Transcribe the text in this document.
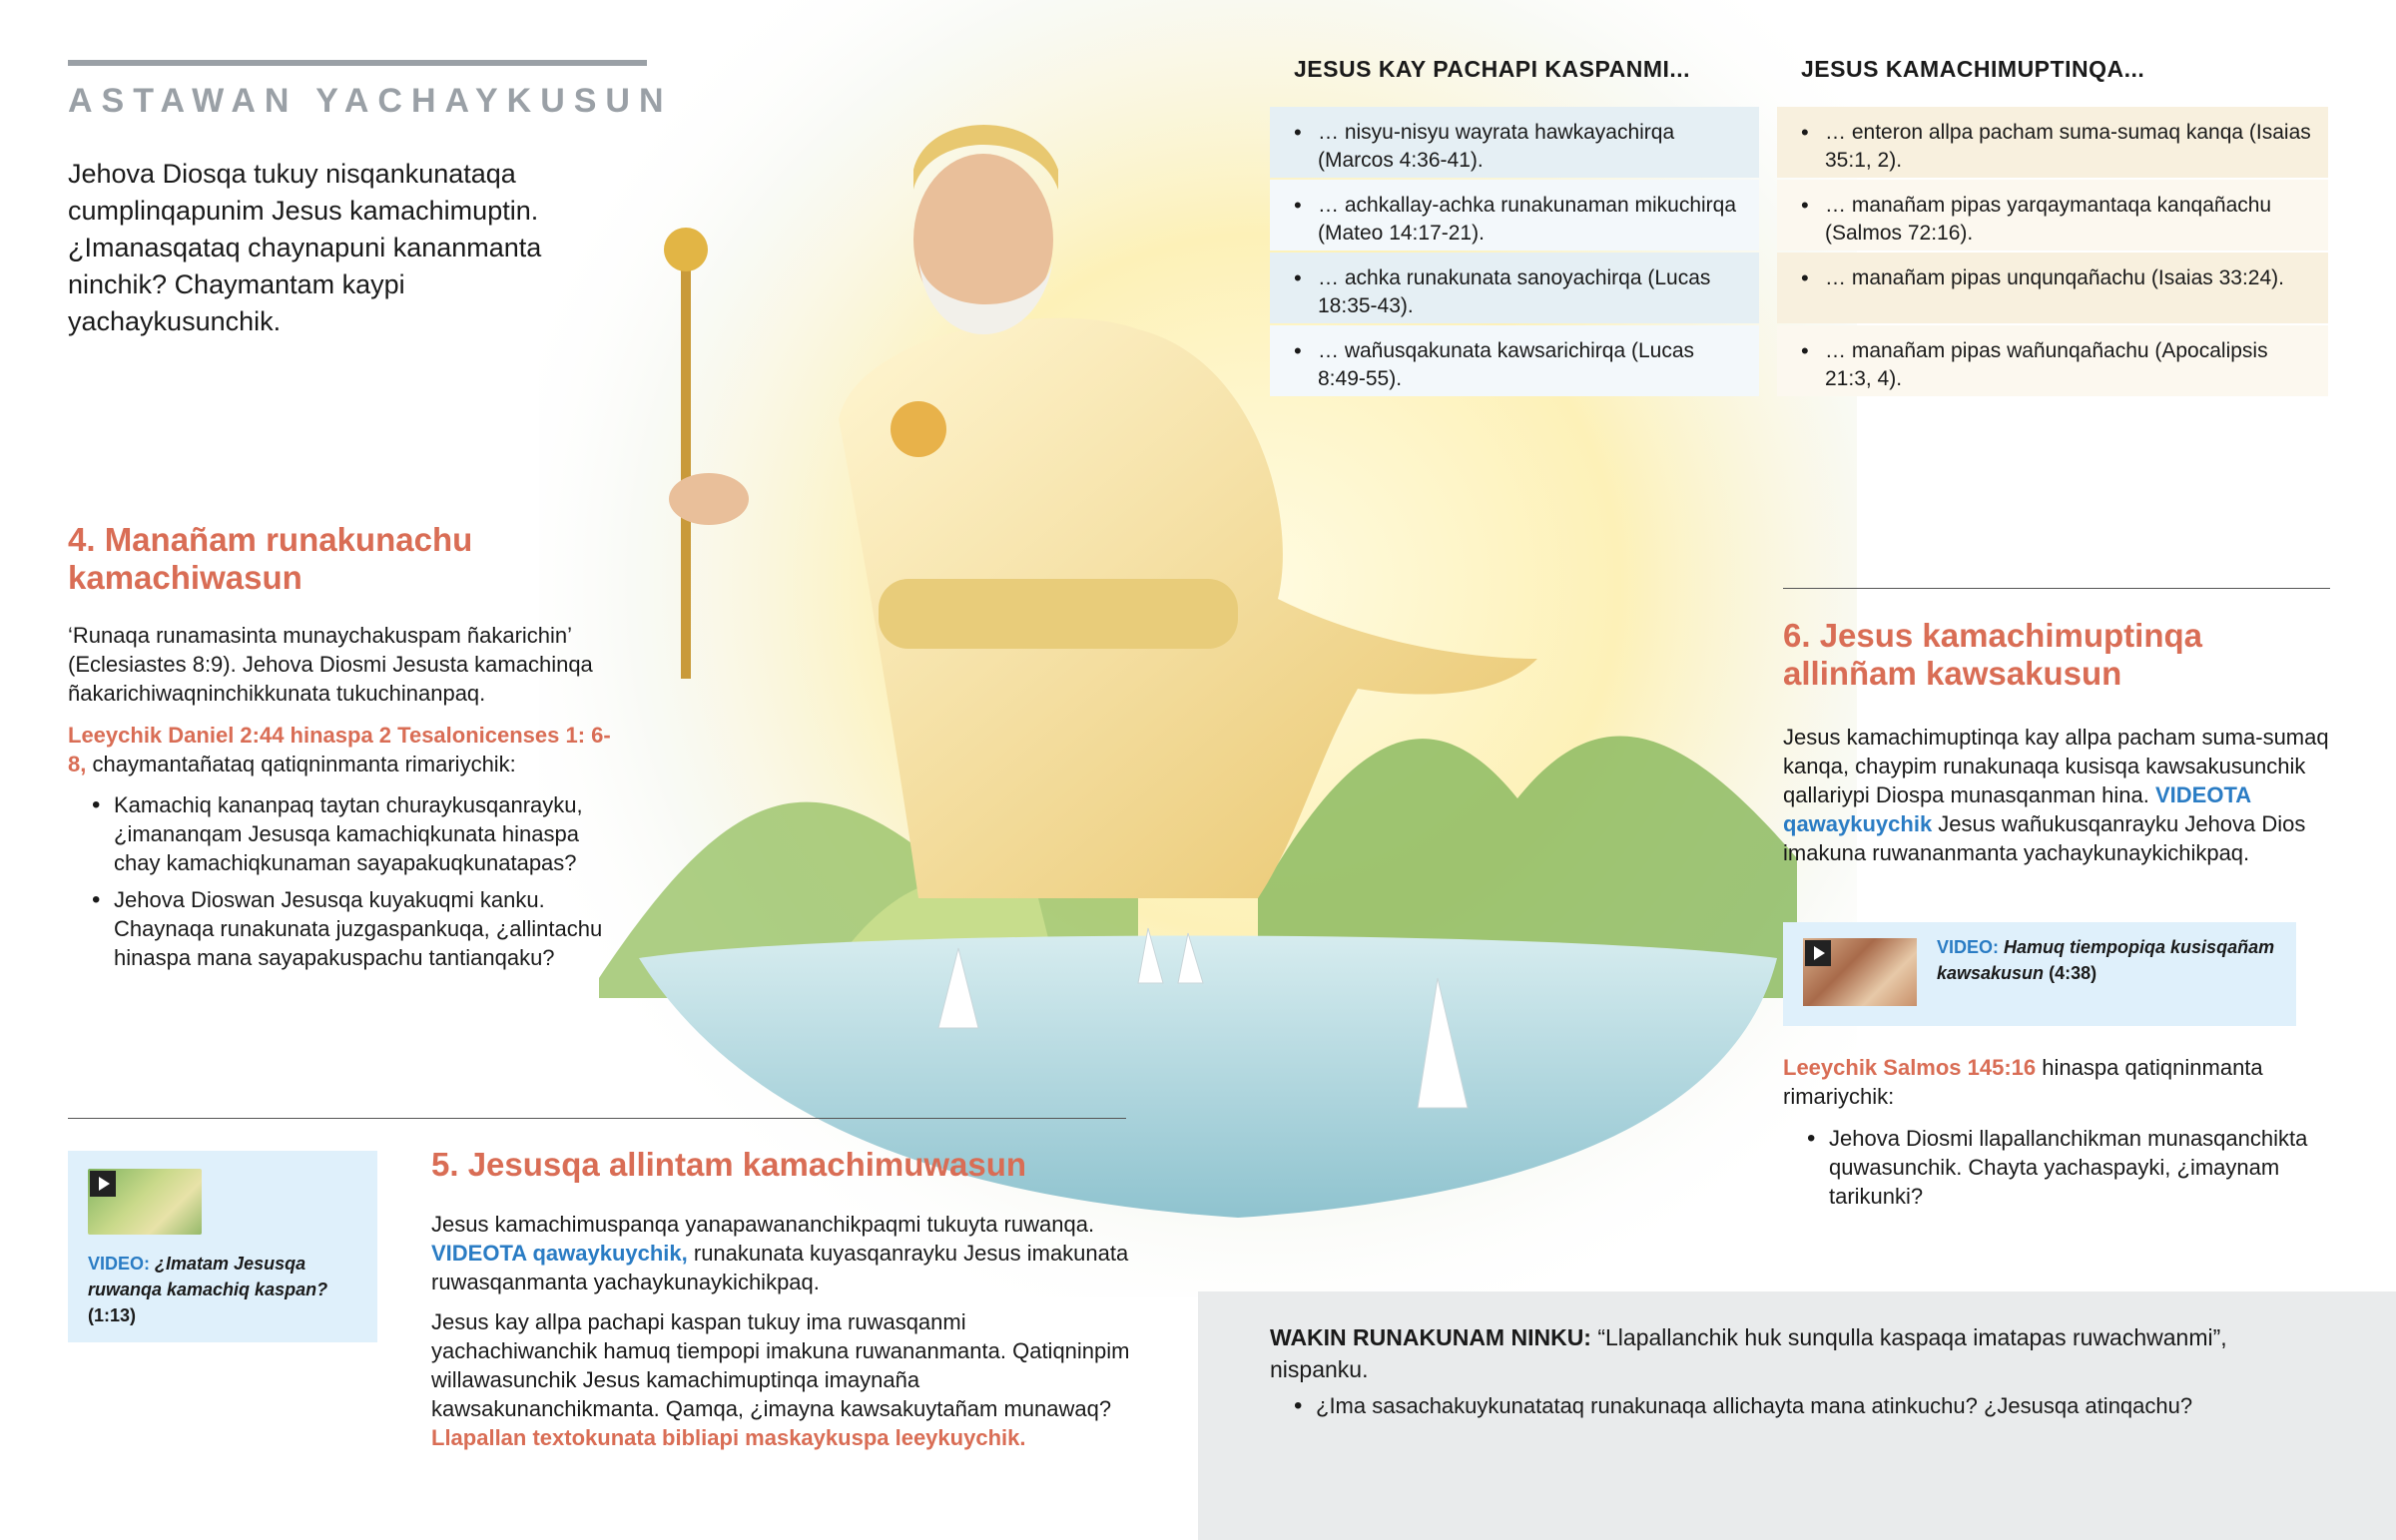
ASTAWAN YACHAYKUSUN
Jehova Diosqa tukuy nisqankunataqa cumplinqapunim Jesus kamachimuptin. ¿Imanasqataq chaynapuni kananmanta ninchik? Chaymantam kaypi yachaykusunchik.
4. Manañam runakunachu kamachiwasun
‘Runaqa runamasinta munaychakuspam ñakarichin’ (Eclesiastes 8:9). Jehova Diosmi Jesusta kamachinqa ñakarichiwaqninchikkunata tukuchinanpaq.
Leeychik Daniel 2:44 hinaspa 2 Tesalonicenses 1: 6-8, chaymantañataq qatiqninmanta rimariychik:
• Kamachiq kananpaq taytan churaykusqanrayku, ¿imananqam Jesusqa kamachiqkunata hinaspa chay kamachiqkunaman sayapakuqkunatapas?
• Jehova Dioswan Jesusqa kuyakuqmi kanku. Chaynaqa runakunata juzgaspankuqa, ¿allintachu hinaspa mana sayapakuspachu tantianqaku?
VIDEO: ¿Imatam Jesusqa ruwanqa kamachiq kaspan?
(1:13)
5. Jesusqa allintam kamachimuwasun
Jesus kamachimuspanqa yanapawananchikpaqmi tukuyta ruwanqa. VIDEOTA qawaykuychik, runakunata kuyasqanrayku Jesus imakunata ruwasqanmanta yachaykunaykichikpaq.
Jesus kay allpa pachapi kaspan tukuy ima ruwasqanmi yachachiwanchik hamuq tiempopi imakuna ruwananmanta. Qatiqninpim willawasunchik Jesus kamachimuptinqa imaynaña kawsakunanchikmanta. Qamqa, ¿imayna kawsakuytañam munawaq? Llapallan textokunata bibliapi maskaykuspa leeykuychik.
JESUS KAY PACHAPI KASPANMI...
• … nisyu-nisyu wayrata hawkayachirqa (Marcos 4:36-41).
• … achkallay-achka runakunaman mikuchirqa (Mateo 14:17-21).
• … achka runakunata sanoyachirqa (Lucas 18:35-43).
• … wañusqakunata kawsarichirqa (Lucas 8:49-55).
JESUS KAMACHIMUPTINQA...
• … enteron allpa pacham suma-sumaq kanqa (Isaias 35:1, 2).
• … manañam pipas yarqaymantaqa kanqañachu (Salmos 72:16).
• … manañam pipas unqunqañachu (Isaias 33:24).
• … manañam pipas wañunqañachu (Apocalipsis 21:3, 4).
6. Jesus kamachimuptinqa allinñam kawsakusun
Jesus kamachimuptinqa kay allpa pacham suma-sumaq kanqa, chaypim runakunaqa kusisqa kawsakusunchik qallariypi Diospa munasqanman hina. VIDEOTA qawaykuychik Jesus wañukusqanrayku Jehova Dios imakuna ruwananmanta yachaykunaykichikpaq.
VIDEO: Hamuq tiempopiqa kusisqañam kawsakusun (4:38)
Leeychik Salmos 145:16 hinaspa qatiqninmanta rimariychik:
• Jehova Diosmi llapallanchikman munasqanchikta quwasunchik. Chayta yachaspayki, ¿imaynam tarikunki?
WAKIN RUNAKUNAM NINKU: “Llapallanchik huk sunqulla kaspaqa imatapas ruwachwanmi”, nispanku.
• ¿Ima sasachakuykunatataq runakunaqa allichayta mana atinkuchu? ¿Jesusqa atinqachu?
